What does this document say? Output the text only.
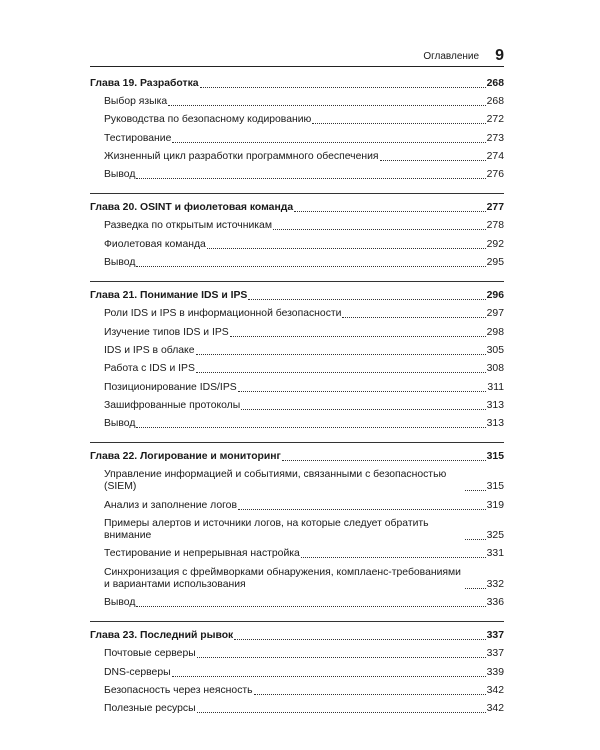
Оглавление 9
Глава 19. Разработка	268
Выбор языка	268
Руководства по безопасному кодированию	272
Тестирование	273
Жизненный цикл разработки программного обеспечения	274
Вывод	276
Глава 20. OSINT и фиолетовая команда	277
Разведка по открытым источникам	278
Фиолетовая команда	292
Вывод	295
Глава 21. Понимание IDS и IPS	296
Роли IDS и IPS в информационной безопасности	297
Изучение типов IDS и IPS	298
IDS и IPS в облаке	305
Работа с IDS и IPS	308
Позиционирование IDS/IPS	311
Зашифрованные протоколы	313
Вывод	313
Глава 22. Логирование и мониторинг	315
Управление информацией и событиями, связанными с безопасностью (SIEM)	315
Анализ и заполнение логов	319
Примеры алертов и источники логов, на которые следует обратить внимание	325
Тестирование и непрерывная настройка	331
Синхронизация с фреймворками обнаружения, комплаенс-требованиями и вариантами использования	332
Вывод	336
Глава 23. Последний рывок	337
Почтовые серверы	337
DNS-серверы	339
Безопасность через неясность	342
Полезные ресурсы	342
